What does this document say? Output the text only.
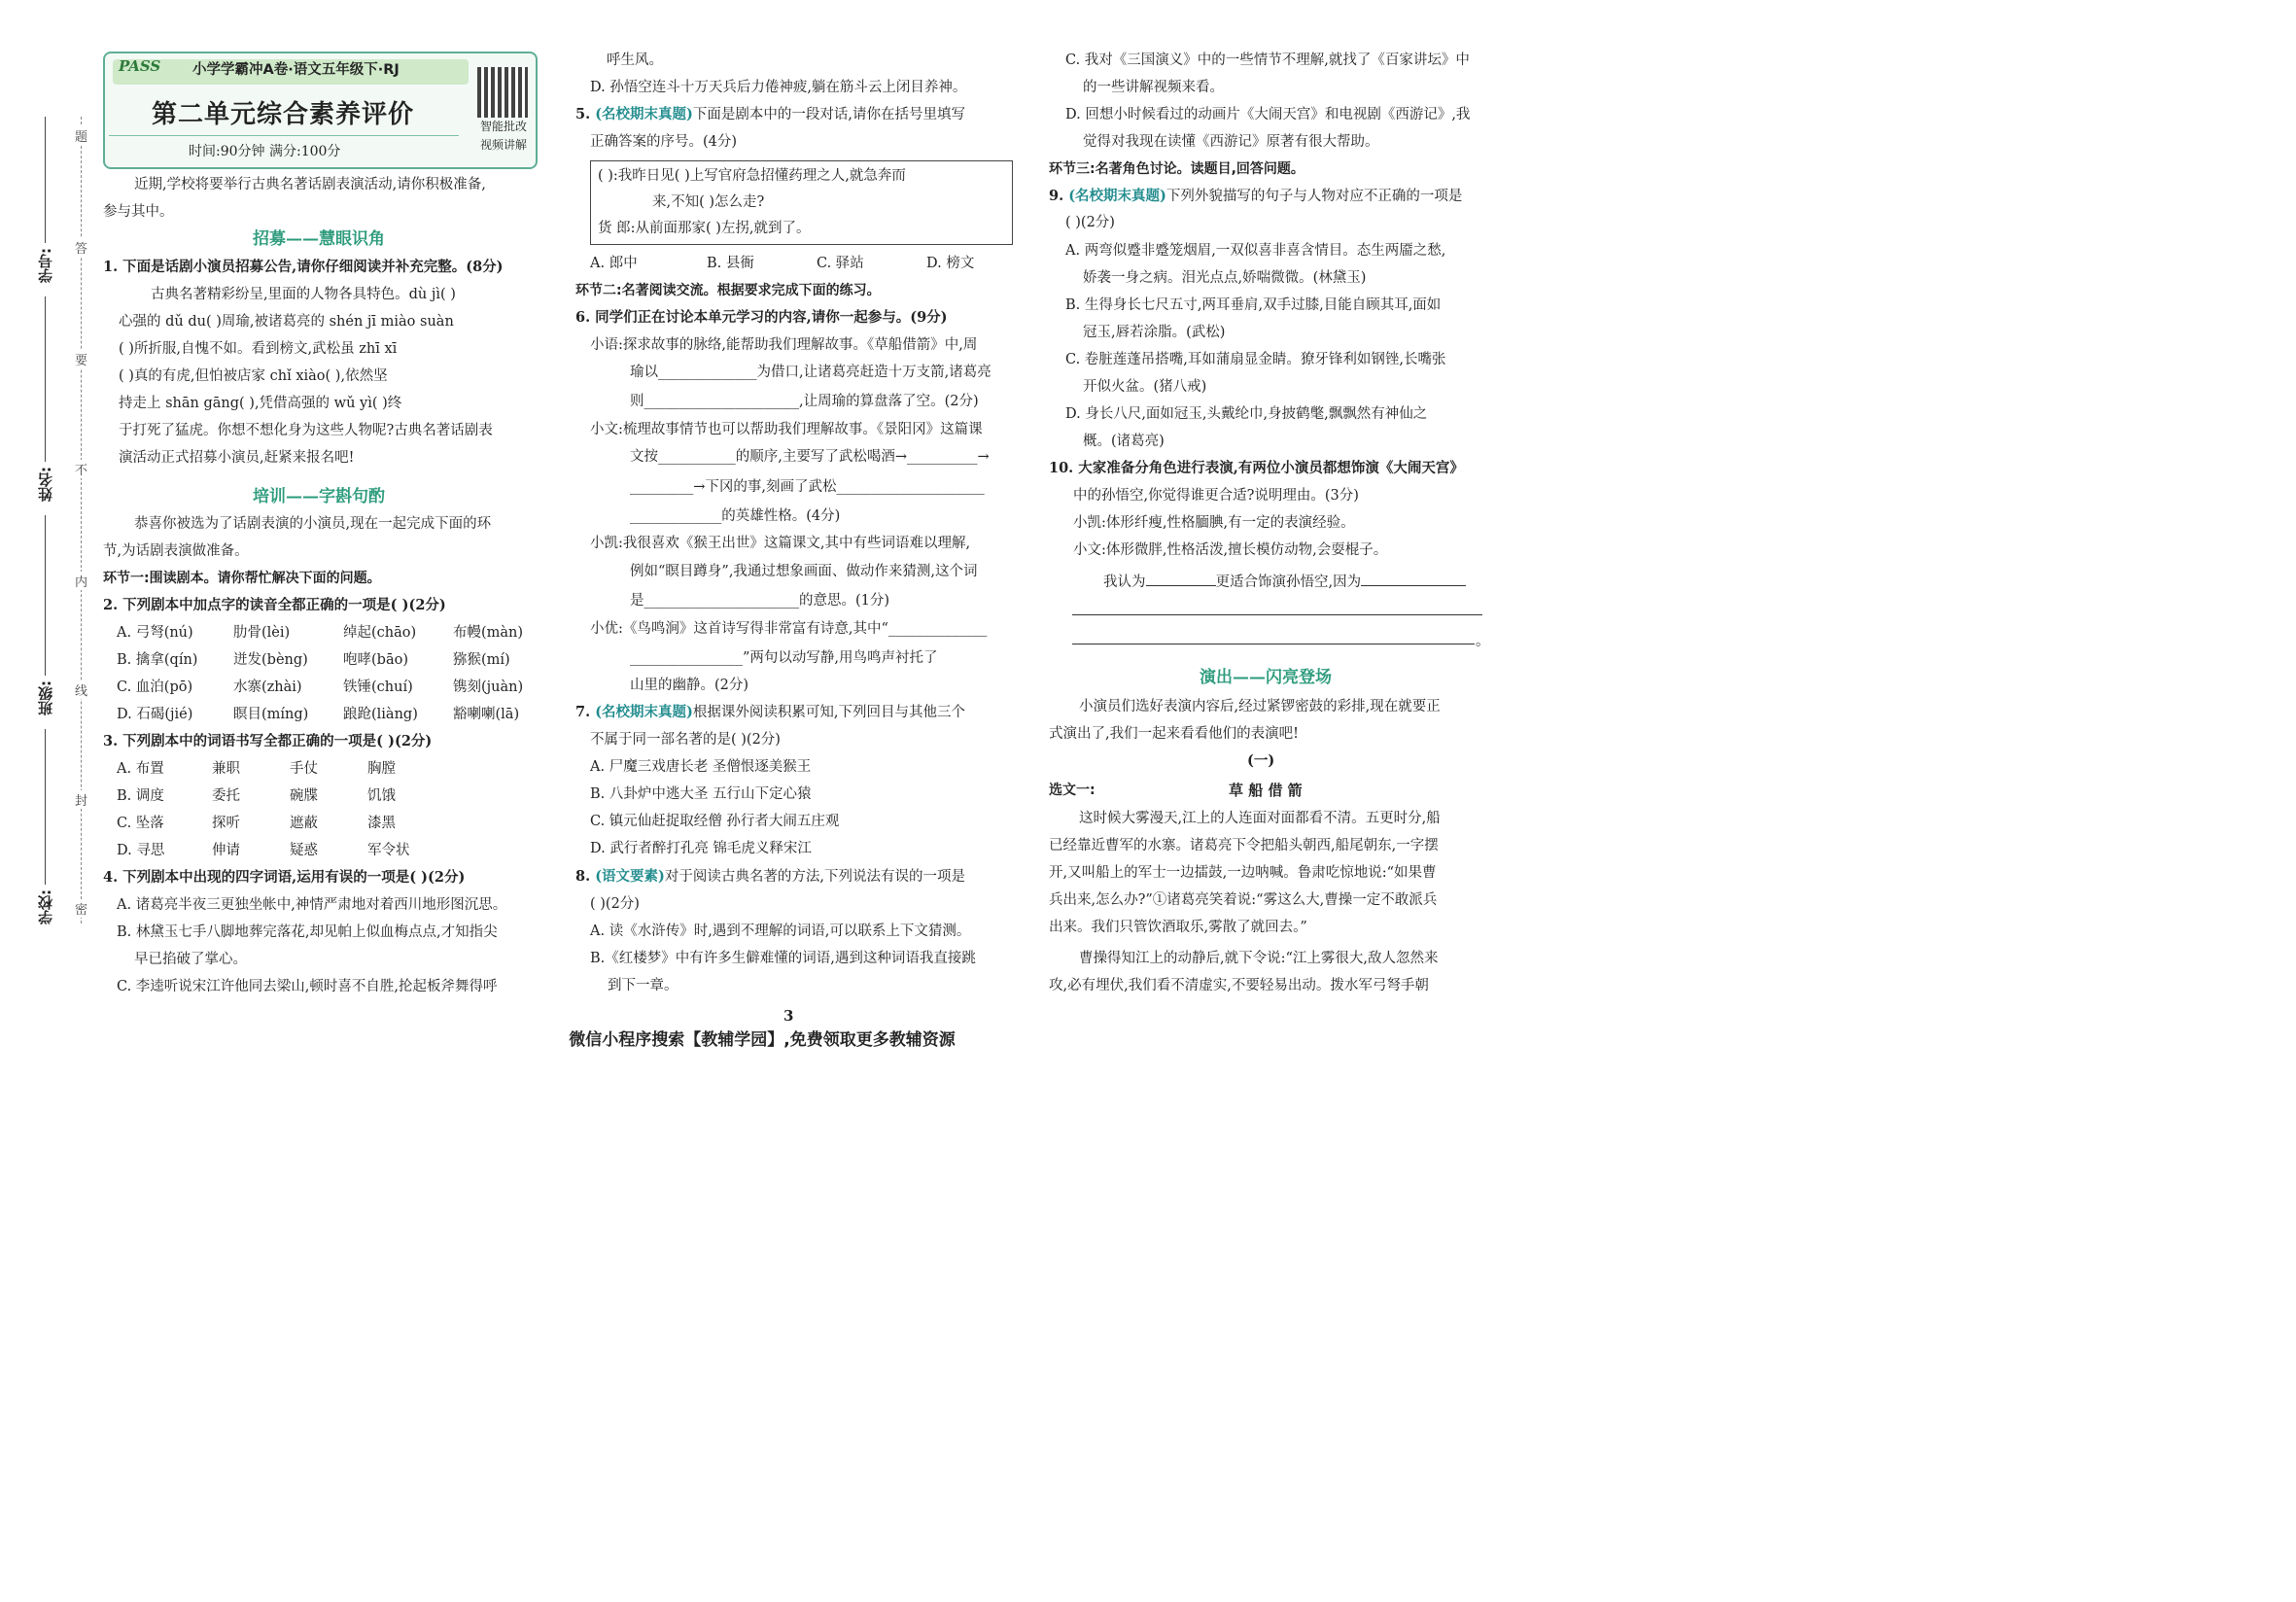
学号:
姓名:
班级:
学校:
题
答
要
不
内
线
封
密
PASS 小学学霸冲A卷·语文五年级下·RJ
第二单元综合素养评价
时间:90分钟 满分:100分
智能批改
视频讲解
近期,学校将要举行古典名著话剧表演活动,请你积极准备,
参与其中。
招募——慧眼识角
1. 下面是话剧小演员招募公告,请你仔细阅读并补充完整。(8分)
古典名著精彩纷呈,里面的人物各具特色。dù jì( )
心强的 dǔ du( )周瑜,被诸葛亮的 shén jī miào suàn
( )所折服,自愧不如。看到榜文,武松虽 zhī xī
( )真的有虎,但怕被店家 chǐ xiào( ),依然坚
持走上 shān gāng( ),凭借高强的 wǔ yì( )终
于打死了猛虎。你想不想化身为这些人物呢?古典名著话剧表
演活动正式招募小演员,赶紧来报名吧!
培训——字斟句酌
恭喜你被选为了话剧表演的小演员,现在一起完成下面的环
节,为话剧表演做准备。
环节一:围读剧本。请你帮忙解决下面的问题。
2. 下列剧本中加点字的读音全都正确的一项是( )(2分)
A. 弓弩(nú)	肋骨(lèi)	绰起(chāo)	布幔(màn)
B. 擒拿(qín)	迸发(bèng) 咆哮(bāo)	猕猴(mí)
C. 血泊(pō)	水寨(zhài)	铁锤(chuí)	镌刻(juàn)
D. 石碣(jié)	瞑目(míng) 踉跄(liàng) 豁喇喇(lā)
3. 下列剧本中的词语书写全都正确的一项是( )(2分)
A. 布置	兼职	手仗	胸膛
B. 调度	委托	碗牒	饥饿
C. 坠落	探听	遮蔽	漆黑
D. 寻思	伸请	疑惑	军令状
4. 下列剧本中出现的四字词语,运用有误的一项是( )(2分)
A. 诸葛亮半夜三更独坐帐中,神情严肃地对着西川地形图沉思。
B. 林黛玉七手八脚地葬完落花,却见帕上似血梅点点,才知指尖
早已掐破了掌心。
C. 李逵听说宋江许他同去梁山,顿时喜不自胜,抡起板斧舞得呼
呼生风。
D. 孙悟空连斗十万天兵后力倦神疲,躺在筋斗云上闭目养神。
5. (名校期末真题)下面是剧本中的一段对话,请你在括号里填写
正确答案的序号。(4分)
( ):我昨日见( )上写官府急招懂药理之人,就急奔而
来,不知( )怎么走?
货 郎:从前面那家( )左拐,就到了。
A. 郎中	B. 县衙	C. 驿站	D. 榜文
环节二:名著阅读交流。根据要求完成下面的练习。
6. 同学们正在讨论本单元学习的内容,请你一起参与。(9分)
小语:探求故事的脉络,能帮助我们理解故事。《草船借箭》中,周
瑜以______________为借口,让诸葛亮赶造十万支箭,诸葛亮
则______________________,让周瑜的算盘落了空。(2分)
小文:梳理故事情节也可以帮助我们理解故事。《景阳冈》这篇课
文按___________的顺序,主要写了武松喝酒→__________→
_________→下冈的事,刻画了武松_____________________
_____________的英雄性格。(4分)
小凯:我很喜欢《猴王出世》这篇课文,其中有些词语难以理解,
例如“瞑目蹲身”,我通过想象画面、做动作来猜测,这个词
是______________________的意思。(1分)
小优:《鸟鸣涧》这首诗写得非常富有诗意,其中“______________
________________”两句以动写静,用鸟鸣声衬托了
山里的幽静。(2分)
7. (名校期末真题)根据课外阅读积累可知,下列回目与其他三个
不属于同一部名著的是( )(2分)
A. 尸魔三戏唐长老 圣僧恨逐美猴王
B. 八卦炉中逃大圣 五行山下定心猿
C. 镇元仙赶捉取经僧 孙行者大闹五庄观
D. 武行者醉打孔亮 锦毛虎义释宋江
8. (语文要素)对于阅读古典名著的方法,下列说法有误的一项是
( )(2分)
A. 读《水浒传》时,遇到不理解的词语,可以联系上下文猜测。
B.《红楼梦》中有许多生僻难懂的词语,遇到这种词语我直接跳
到下一章。
C. 我对《三国演义》中的一些情节不理解,就找了《百家讲坛》中
的一些讲解视频来看。
D. 回想小时候看过的动画片《大闹天宫》和电视剧《西游记》,我
觉得对我现在读懂《西游记》原著有很大帮助。
环节三:名著角色讨论。读题目,回答问题。
9. (名校期末真题)下列外貌描写的句子与人物对应不正确的一项是
( )(2分)
A. 两弯似蹙非蹙笼烟眉,一双似喜非喜含情目。态生两靥之愁,
娇袭一身之病。泪光点点,娇喘微微。(林黛玉)
B. 生得身长七尺五寸,两耳垂肩,双手过膝,目能自顾其耳,面如
冠玉,唇若涂脂。(武松)
C. 卷脏莲蓬吊搭嘴,耳如蒲扇显金睛。獠牙锋利如钢锉,长嘴张
开似火盆。(猪八戒)
D. 身长八尺,面如冠玉,头戴纶巾,身披鹤氅,飘飘然有神仙之
概。(诸葛亮)
10. 大家准备分角色进行表演,有两位小演员都想饰演《大闹天宫》
中的孙悟空,你觉得谁更合适?说明理由。(3分)
小凯:体形纤瘦,性格腼腆,有一定的表演经验。
小文:体形微胖,性格活泼,擅长模仿动物,会耍棍子。
我认为	更适合饰演孙悟空,因为
。
演出——闪亮登场
小演员们选好表演内容后,经过紧锣密鼓的彩排,现在就要正
式演出了,我们一起来看看他们的表演吧!
(一)
选文一:	草 船 借 箭
这时候大雾漫天,江上的人连面对面都看不清。五更时分,船
已经靠近曹军的水寨。诸葛亮下令把船头朝西,船尾朝东,一字摆
开,又叫船上的军士一边擂鼓,一边呐喊。鲁肃吃惊地说:“如果曹
兵出来,怎么办?”①诸葛亮笑着说:“雾这么大,曹操一定不敢派兵
出来。我们只管饮酒取乐,雾散了就回去。”
曹操得知江上的动静后,就下令说:“江上雾很大,敌人忽然来
攻,必有埋伏,我们看不清虚实,不要轻易出动。拨水军弓弩手朝
3
微信小程序搜索【教辅学园】,免费领取更多教辅资源
